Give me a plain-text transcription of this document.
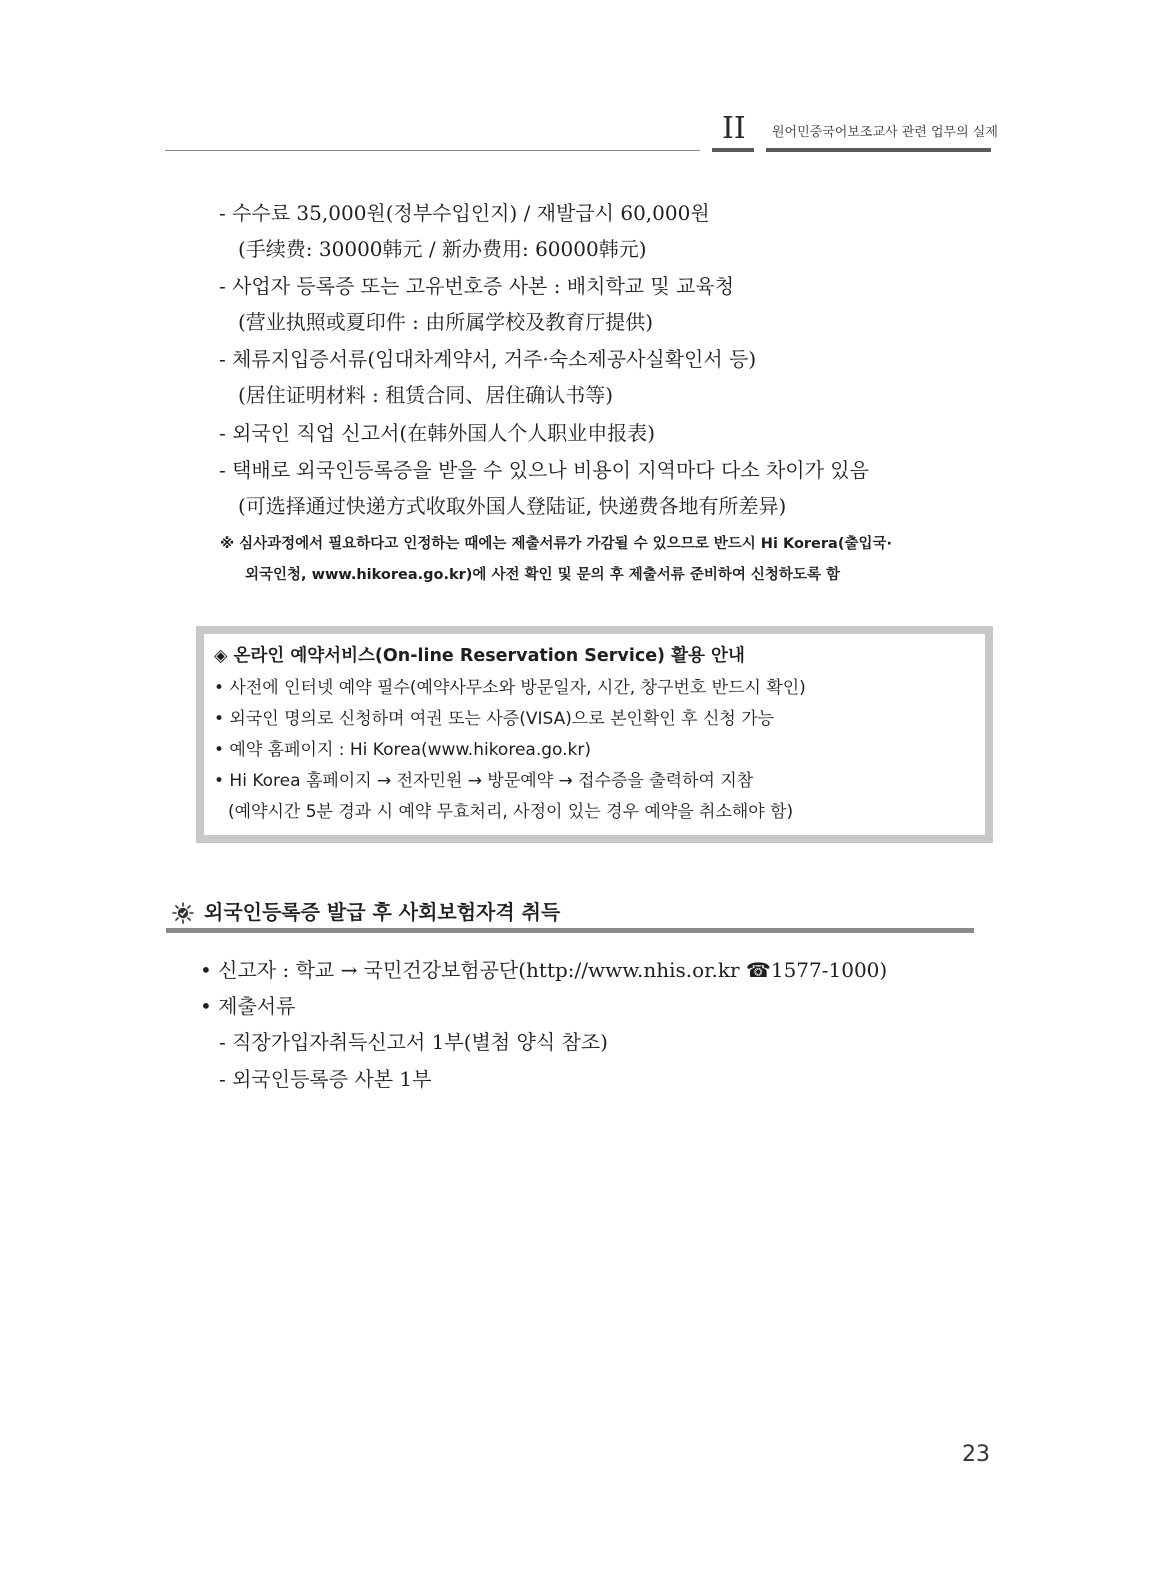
II 원어민중국어보조교사 관련 업무의 실제
- 수수료 35,000원(정부수입인지) / 재발급시 60,000원
(手续费: 30000韩元 / 新办费用: 60000韩元)
- 사업자 등록증 또는 고유번호증 사본 : 배치학교 및 교육청
(营业执照或夏印件 : 由所属学校及教育厅提供)
- 체류지입증서류(임대차계약서, 거주·숙소제공사실확인서 등)
(居住证明材料 : 租赁合同、居住确认书等)
- 외국인 직업 신고서(在韩外国人个人职业申报表)
- 택배로 외국인등록증을 받을 수 있으나 비용이 지역마다 다소 차이가 있음
(可选择通过快递方式收取外国人登陆证, 快递费各地有所差异)
※ 심사과정에서 필요하다고 인정하는 때에는 제출서류가 가감될 수 있으므로 반드시 Hi Korera(출입국·
외국인청, www.hikorea.go.kr)에 사전 확인 및 문의 후 제출서류 준비하여 신청하도록 함
◈ 온라인 예약서비스(On-line Reservation Service) 활용 안내
• 사전에 인터넷 예약 필수(예약사무소와 방문일자, 시간, 창구번호 반드시 확인)
• 외국인 명의로 신청하며 여권 또는 사증(VISA)으로 본인확인 후 신청 가능
• 예약 홈페이지 : Hi Korea(www.hikorea.go.kr)
• Hi Korea 홈페이지 → 전자민원 → 방문예약 → 접수증을 출력하여 지참
(예약시간 5분 경과 시 예약 무효처리, 사정이 있는 경우 예약을 취소해야 함)
외국인등록증 발급 후 사회보험자격 취득
• 신고자 : 학교 → 국민건강보험공단(http://www.nhis.or.kr ☎1577-1000)
• 제출서류
- 직장가입자취득신고서 1부(별첨 양식 참조)
- 외국인등록증 사본 1부
23
